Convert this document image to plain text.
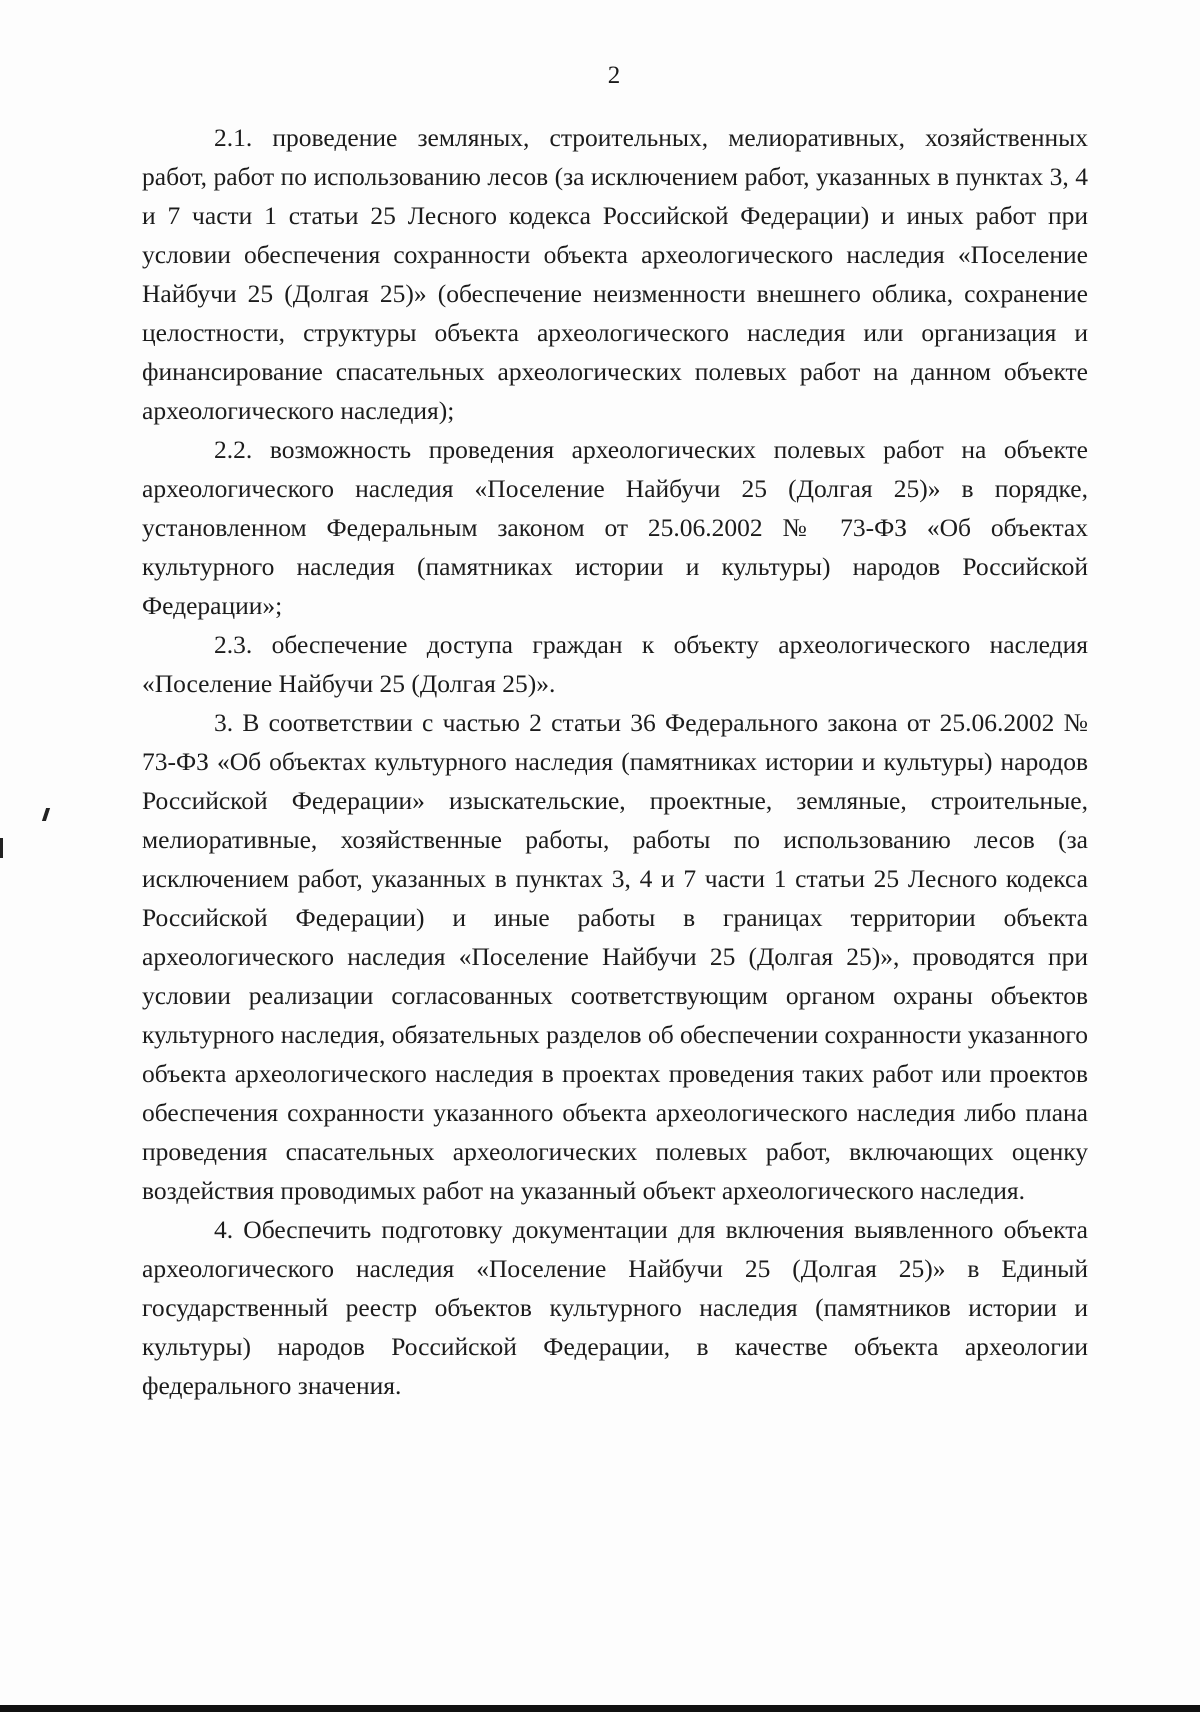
2

2.1. проведение земляных, строительных, мелиоративных, хозяйственных работ, работ по использованию лесов (за исключением работ, указанных в пунктах 3, 4 и 7 части 1 статьи 25 Лесного кодекса Российской Федерации) и иных работ при условии обеспечения сохранности объекта археологического наследия «Поселение Найбучи 25 (Долгая 25)» (обеспечение неизменности внешнего облика, сохранение целостности, структуры объекта археологического наследия или организация и финансирование спасательных археологических полевых работ на данном объекте археологического наследия);

2.2. возможность проведения археологических полевых работ на объекте археологического наследия «Поселение Найбучи 25 (Долгая 25)» в порядке, установленном Федеральным законом от 25.06.2002 № 73-ФЗ «Об объектах культурного наследия (памятниках истории и культуры) народов Российской Федерации»;

2.3. обеспечение доступа граждан к объекту археологического наследия «Поселение Найбучи 25 (Долгая 25)».

3. В соответствии с частью 2 статьи 36 Федерального закона от 25.06.2002 № 73-ФЗ «Об объектах культурного наследия (памятниках истории и культуры) народов Российской Федерации» изыскательские, проектные, земляные, строительные, мелиоративные, хозяйственные работы, работы по использованию лесов (за исключением работ, указанных в пунктах 3, 4 и 7 части 1 статьи 25 Лесного кодекса Российской Федерации) и иные работы в границах территории объекта археологического наследия «Поселение Найбучи 25 (Долгая 25)», проводятся при условии реализации согласованных соответствующим органом охраны объектов культурного наследия, обязательных разделов об обеспечении сохранности указанного объекта археологического наследия в проектах проведения таких работ или проектов обеспечения сохранности указанного объекта археологического наследия либо плана проведения спасательных археологических полевых работ, включающих оценку воздействия проводимых работ на указанный объект археологического наследия.

4. Обеспечить подготовку документации для включения выявленного объекта археологического наследия «Поселение Найбучи 25 (Долгая 25)» в Единый государственный реестр объектов культурного наследия (памятников истории и культуры) народов Российской Федерации, в качестве объекта археологии федерального значения.
